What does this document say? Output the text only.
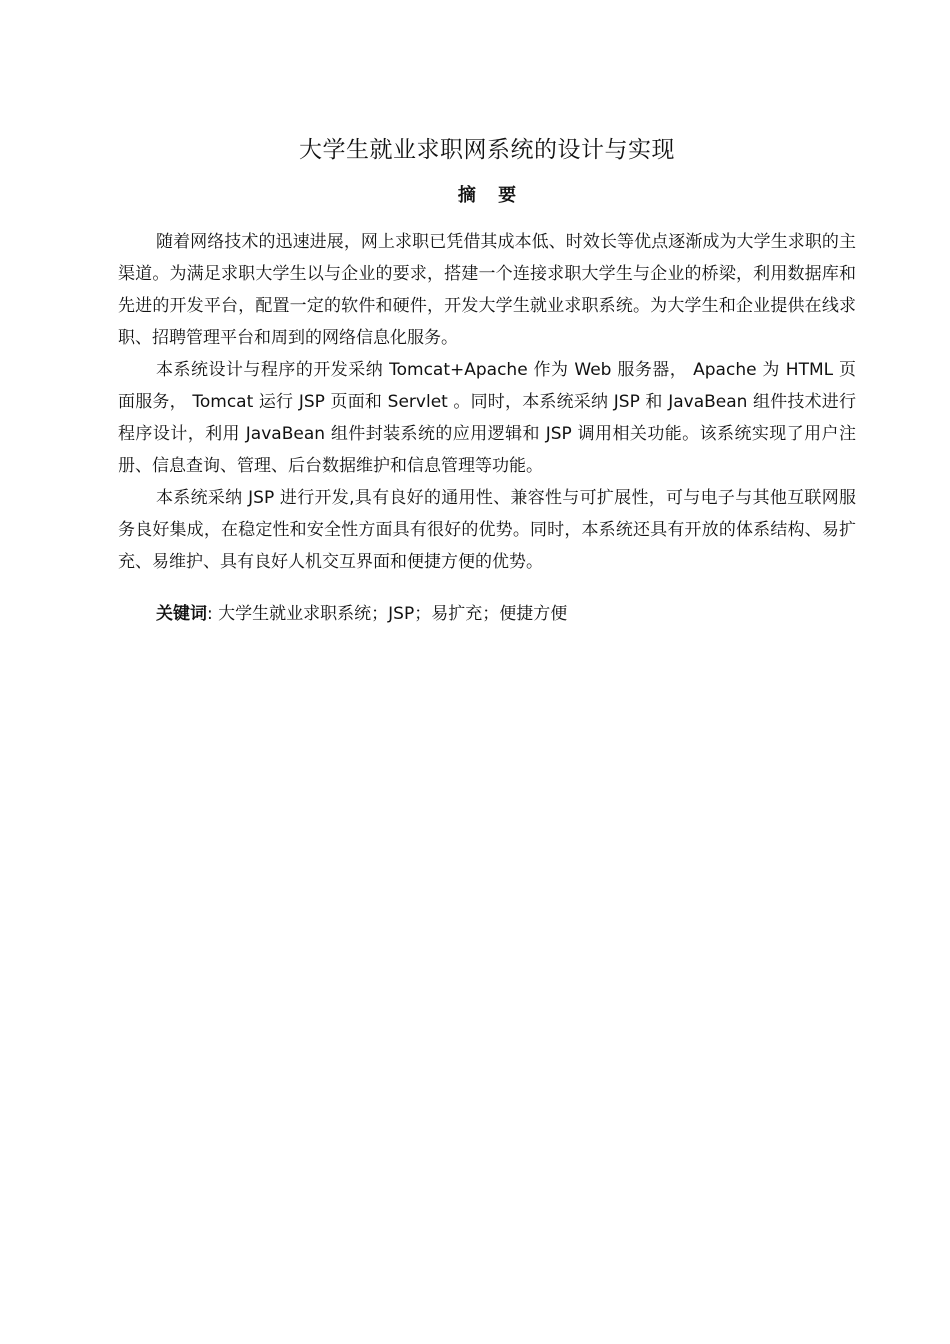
大学生就业求职网系统的设计与实现
摘 要

随着网络技术的迅速进展，网上求职已凭借其成本低、时效长等优点逐渐成为大学生求职的主渠道。为满足求职大学生以与企业的要求，搭建一个连接求职大学生与企业的桥梁，利用数据库和先进的开发平台，配置一定的软件和硬件，开发大学生就业求职系统。为大学生和企业提供在线求职、招聘管理平台和周到的网络信息化服务。

本系统设计与程序的开发采纳 Tomcat+Apache 作为 Web 服务器， Apache 为 HTML 页面服务， Tomcat 运行 JSP 页面和 Servlet 。同时，本系统采纳 JSP 和 JavaBean 组件技术进行程序设计，利用 JavaBean 组件封装系统的应用逻辑和 JSP 调用相关功能。该系统实现了用户注册、信息查询、管理、后台数据维护和信息管理等功能。

本系统采纳 JSP 进行开发,具有良好的通用性、兼容性与可扩展性，可与电子与其他互联网服务良好集成，在稳定性和安全性方面具有很好的优势。同时，本系统还具有开放的体系结构、易扩充、易维护、具有良好人机交互界面和便捷方便的优势。

关键词: 大学生就业求职系统；JSP；易扩充；便捷方便
